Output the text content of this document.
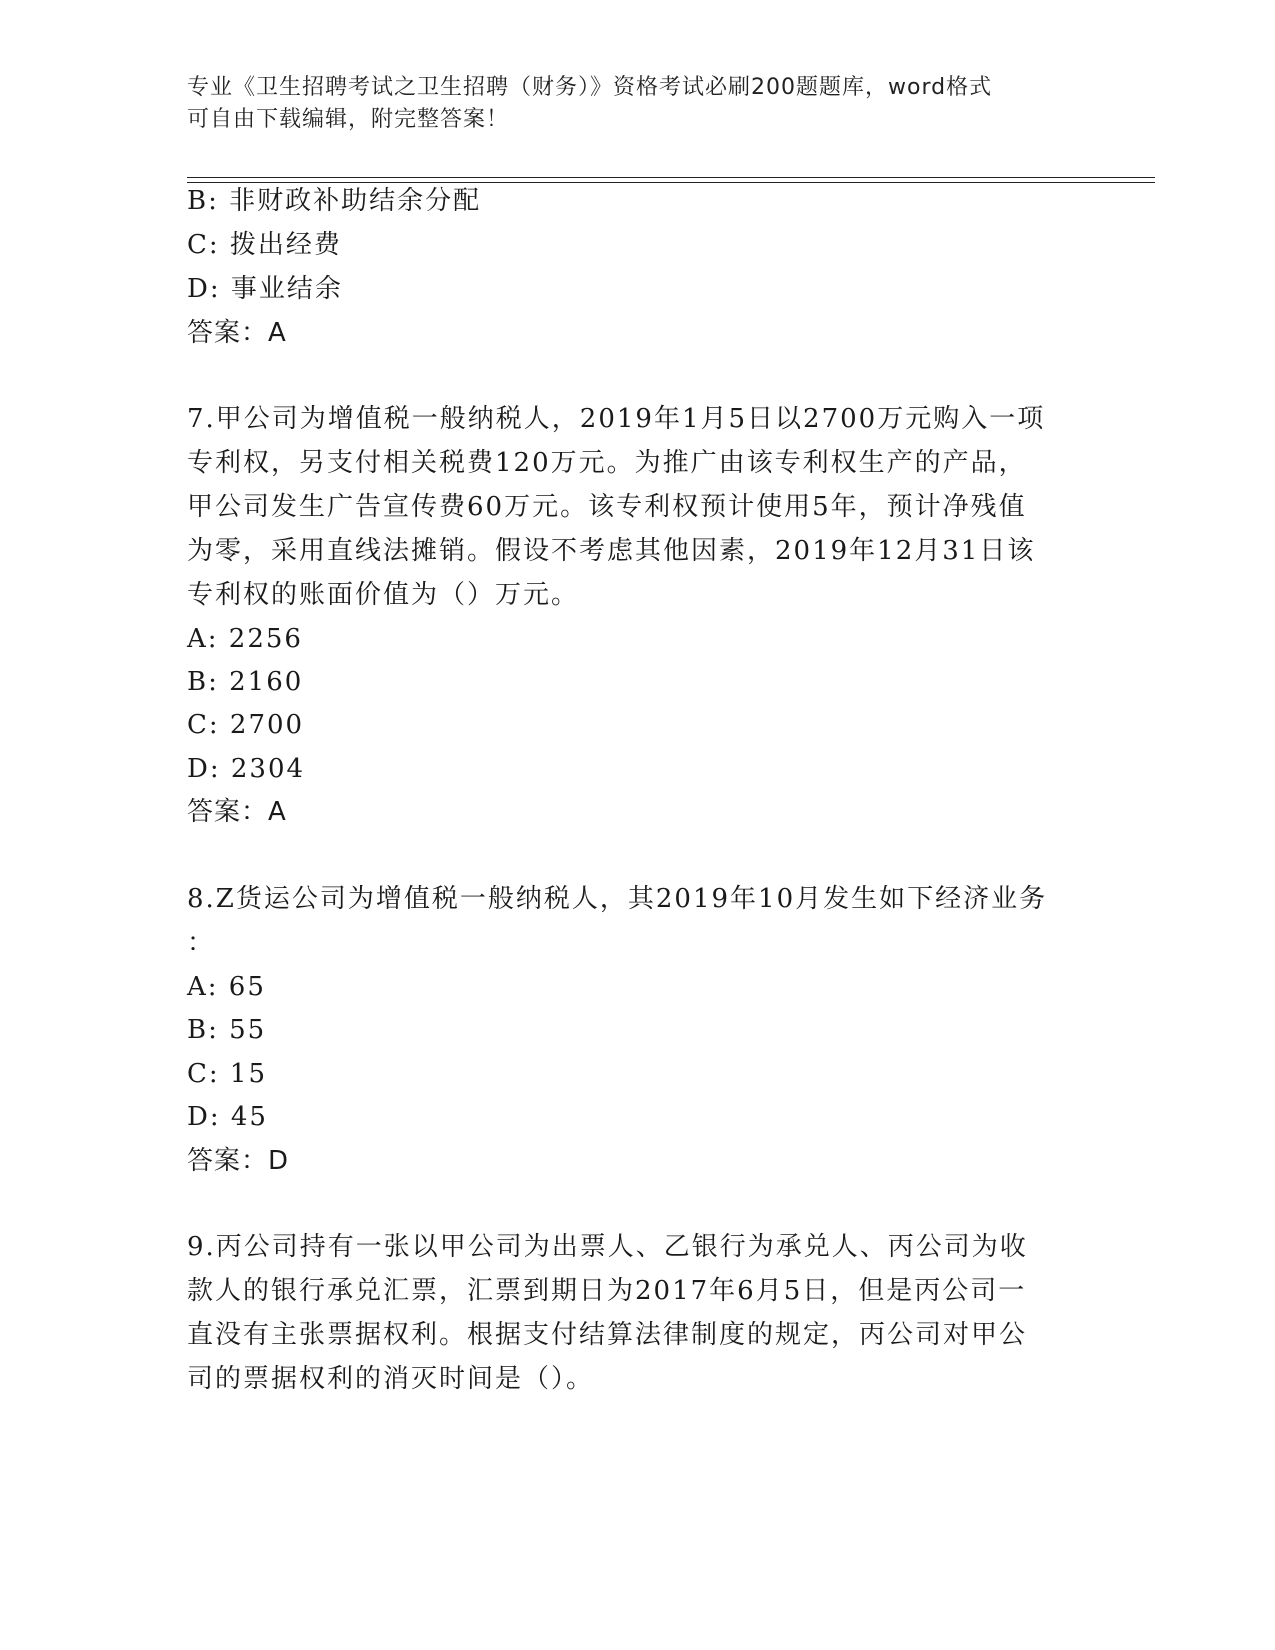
专业《卫生招聘考试之卫生招聘（财务）》资格考试必刷200题题库，word格式
可自由下载编辑，附完整答案！
B: 非财政补助结余分配
C: 拨出经费
D: 事业结余
答案：A
7.甲公司为增值税一般纳税人，2019年1月5日以2700万元购入一项
专利权，另支付相关税费120万元。为推广由该专利权生产的产品，
甲公司发生广告宣传费60万元。该专利权预计使用5年，预计净残值
为零，采用直线法摊销。假设不考虑其他因素，2019年12月31日该
专利权的账面价值为（）万元。
A: 2256
B: 2160
C: 2700
D: 2304
答案：A
8.Z货运公司为增值税一般纳税人，其2019年10月发生如下经济业务
：
A: 65
B: 55
C: 15
D: 45
答案：D
9.丙公司持有一张以甲公司为出票人、乙银行为承兑人、丙公司为收
款人的银行承兑汇票，汇票到期日为2017年6月5日，但是丙公司一
直没有主张票据权利。根据支付结算法律制度的规定，丙公司对甲公
司的票据权利的消灭时间是（）。
